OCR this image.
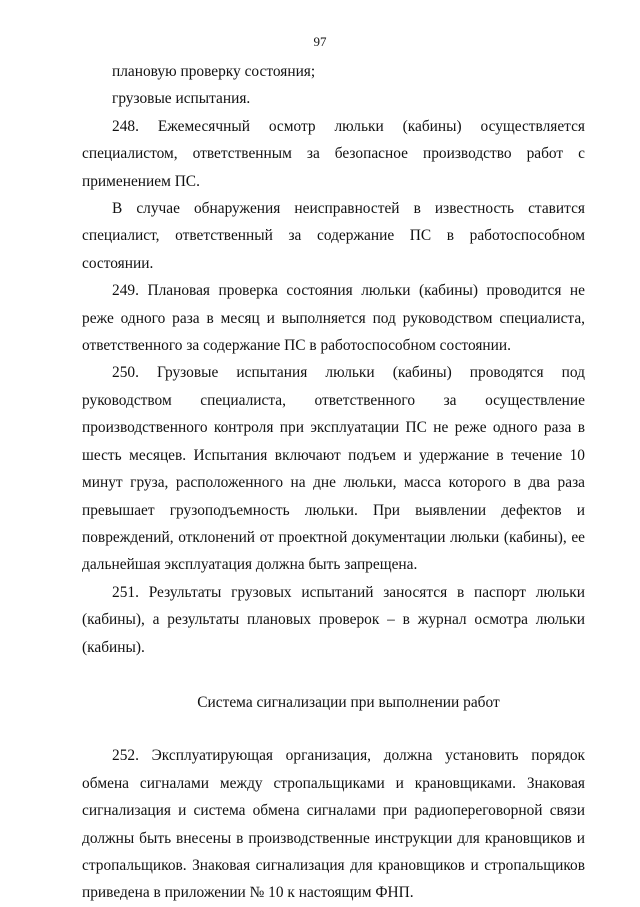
97

плановую проверку состояния;

грузовые испытания.

248. Ежемесячный осмотр люльки (кабины) осуществляется специалистом, ответственным за безопасное производство работ с применением ПС.

В случае обнаружения неисправностей в известность ставится специалист, ответственный за содержание ПС в работоспособном состоянии.

249. Плановая проверка состояния люльки (кабины) проводится не реже одного раза в месяц и выполняется под руководством специалиста, ответственного за содержание ПС в работоспособном состоянии.

250. Грузовые испытания люльки (кабины) проводятся под руководством специалиста, ответственного за осуществление производственного контроля при эксплуатации ПС не реже одного раза в шесть месяцев. Испытания включают подъем и удержание в течение 10 минут груза, расположенного на дне люльки, масса которого в два раза превышает грузоподъемность люльки. При выявлении дефектов и повреждений, отклонений от проектной документации люльки (кабины), ее дальнейшая эксплуатация должна быть запрещена.

251. Результаты грузовых испытаний заносятся в паспорт люльки (кабины), а результаты плановых проверок – в журнал осмотра люльки (кабины).

Система сигнализации при выполнении работ

252. Эксплуатирующая организация, должна установить порядок обмена сигналами между стропальщиками и крановщиками. Знаковая сигнализация и система обмена сигналами при радиопереговорной связи должны быть внесены в производственные инструкции для крановщиков и стропальщиков. Знаковая сигнализация для крановщиков и стропальщиков приведена в приложении № 10 к настоящим ФНП.
